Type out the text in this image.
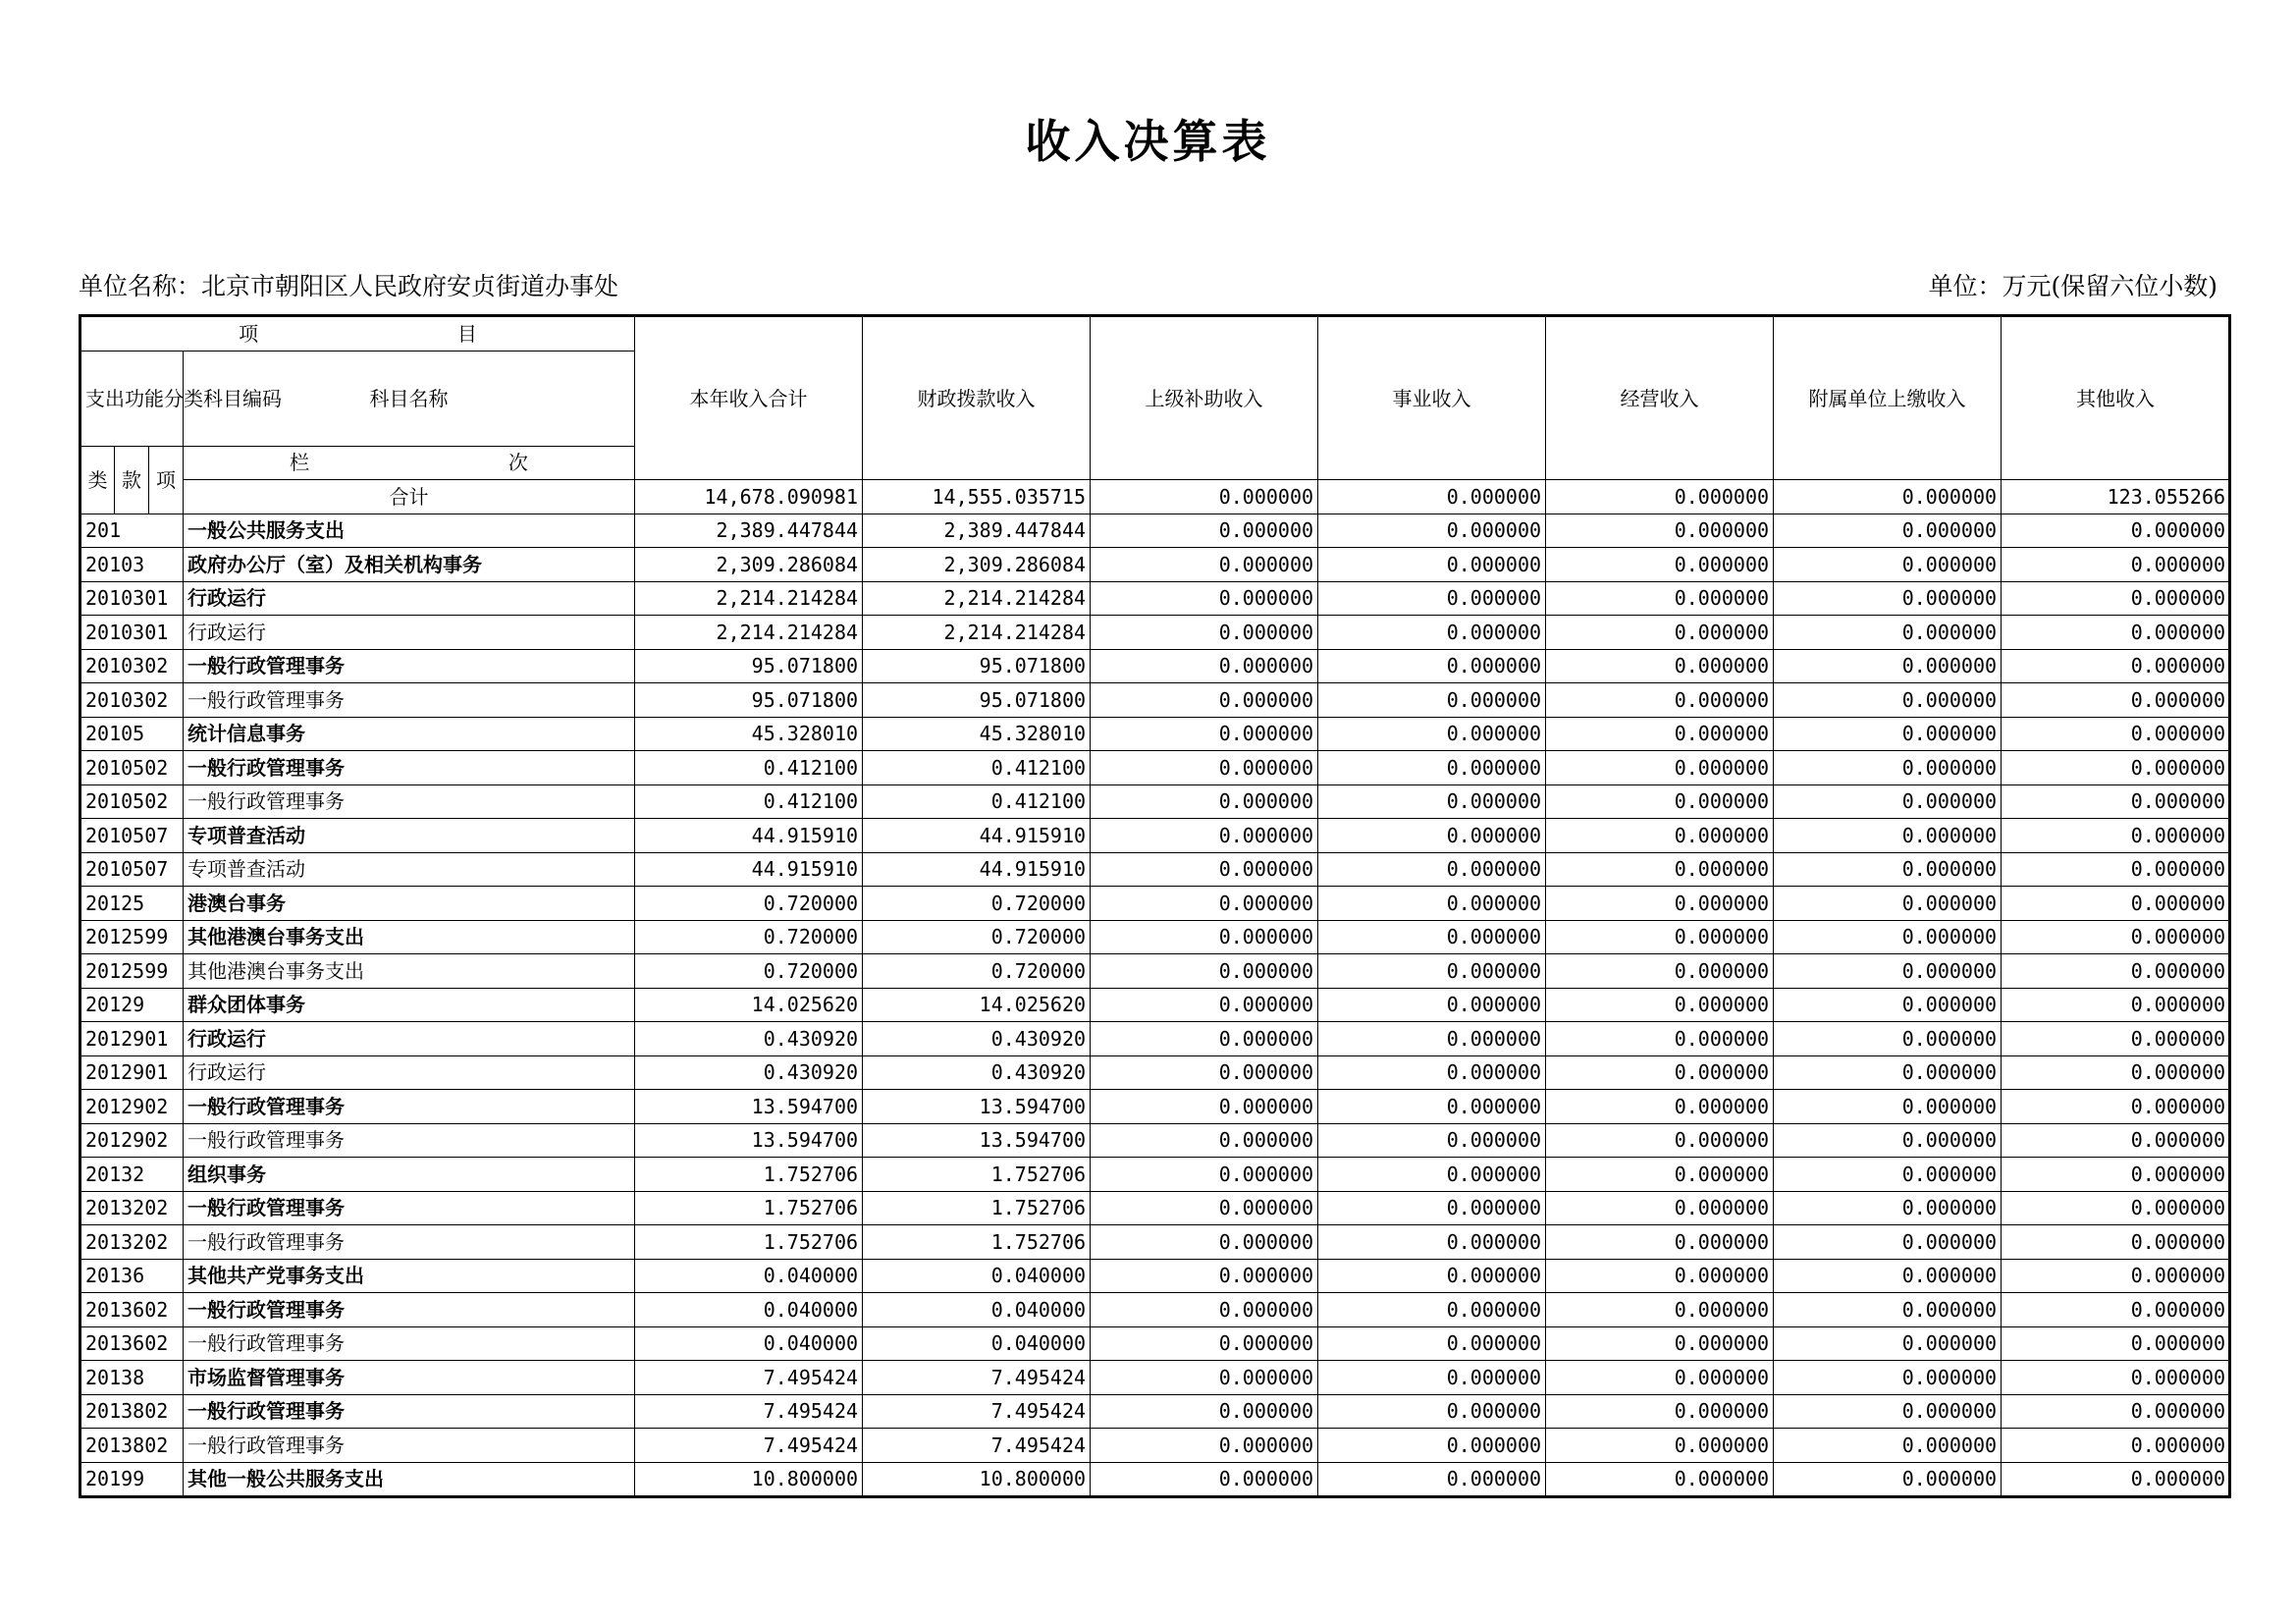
收入决算表
单位名称：北京市朝阳区人民政府安贞街道办事处	单位：万元(保留六位小数)
项 目				本年收入合计	财政拨款收入	上级补助收入	事业收入	经营收入	附属单位上缴收入	其他收入	
支出功能分类科目编码			科目名称								
类	款	项	栏 次							
			合计	14,678.090981	14,555.035715	0.000000	0.000000	0.000000	0.000000	123.055266	
201			一般公共服务支出	2,389.447844	2,389.447844	0.000000	0.000000	0.000000	0.000000	0.000000	
20103			政府办公厅（室）及相关机构事务	2,309.286084	2,309.286084	0.000000	0.000000	0.000000	0.000000	0.000000	
2010301			行政运行	2,214.214284	2,214.214284	0.000000	0.000000	0.000000	0.000000	0.000000	
2010301			行政运行	2,214.214284	2,214.214284	0.000000	0.000000	0.000000	0.000000	0.000000	
2010302			一般行政管理事务	95.071800	95.071800	0.000000	0.000000	0.000000	0.000000	0.000000	
2010302			一般行政管理事务	95.071800	95.071800	0.000000	0.000000	0.000000	0.000000	0.000000	
20105			统计信息事务	45.328010	45.328010	0.000000	0.000000	0.000000	0.000000	0.000000	
2010502			一般行政管理事务	0.412100	0.412100	0.000000	0.000000	0.000000	0.000000	0.000000	
2010502			一般行政管理事务	0.412100	0.412100	0.000000	0.000000	0.000000	0.000000	0.000000	
2010507			专项普查活动	44.915910	44.915910	0.000000	0.000000	0.000000	0.000000	0.000000	
2010507			专项普查活动	44.915910	44.915910	0.000000	0.000000	0.000000	0.000000	0.000000	
20125			港澳台事务	0.720000	0.720000	0.000000	0.000000	0.000000	0.000000	0.000000	
2012599			其他港澳台事务支出	0.720000	0.720000	0.000000	0.000000	0.000000	0.000000	0.000000	
2012599			其他港澳台事务支出	0.720000	0.720000	0.000000	0.000000	0.000000	0.000000	0.000000	
20129			群众团体事务	14.025620	14.025620	0.000000	0.000000	0.000000	0.000000	0.000000	
2012901			行政运行	0.430920	0.430920	0.000000	0.000000	0.000000	0.000000	0.000000	
2012901			行政运行	0.430920	0.430920	0.000000	0.000000	0.000000	0.000000	0.000000	
2012902			一般行政管理事务	13.594700	13.594700	0.000000	0.000000	0.000000	0.000000	0.000000	
2012902			一般行政管理事务	13.594700	13.594700	0.000000	0.000000	0.000000	0.000000	0.000000	
20132			组织事务	1.752706	1.752706	0.000000	0.000000	0.000000	0.000000	0.000000	
2013202			一般行政管理事务	1.752706	1.752706	0.000000	0.000000	0.000000	0.000000	0.000000	
2013202			一般行政管理事务	1.752706	1.752706	0.000000	0.000000	0.000000	0.000000	0.000000	
20136			其他共产党事务支出	0.040000	0.040000	0.000000	0.000000	0.000000	0.000000	0.000000	
2013602			一般行政管理事务	0.040000	0.040000	0.000000	0.000000	0.000000	0.000000	0.000000	
2013602			一般行政管理事务	0.040000	0.040000	0.000000	0.000000	0.000000	0.000000	0.000000	
20138			市场监督管理事务	7.495424	7.495424	0.000000	0.000000	0.000000	0.000000	0.000000	
2013802			一般行政管理事务	7.495424	7.495424	0.000000	0.000000	0.000000	0.000000	0.000000	
2013802			一般行政管理事务	7.495424	7.495424	0.000000	0.000000	0.000000	0.000000	0.000000	
20199			其他一般公共服务支出	10.800000	10.800000	0.000000	0.000000	0.000000	0.000000	0.000000	
